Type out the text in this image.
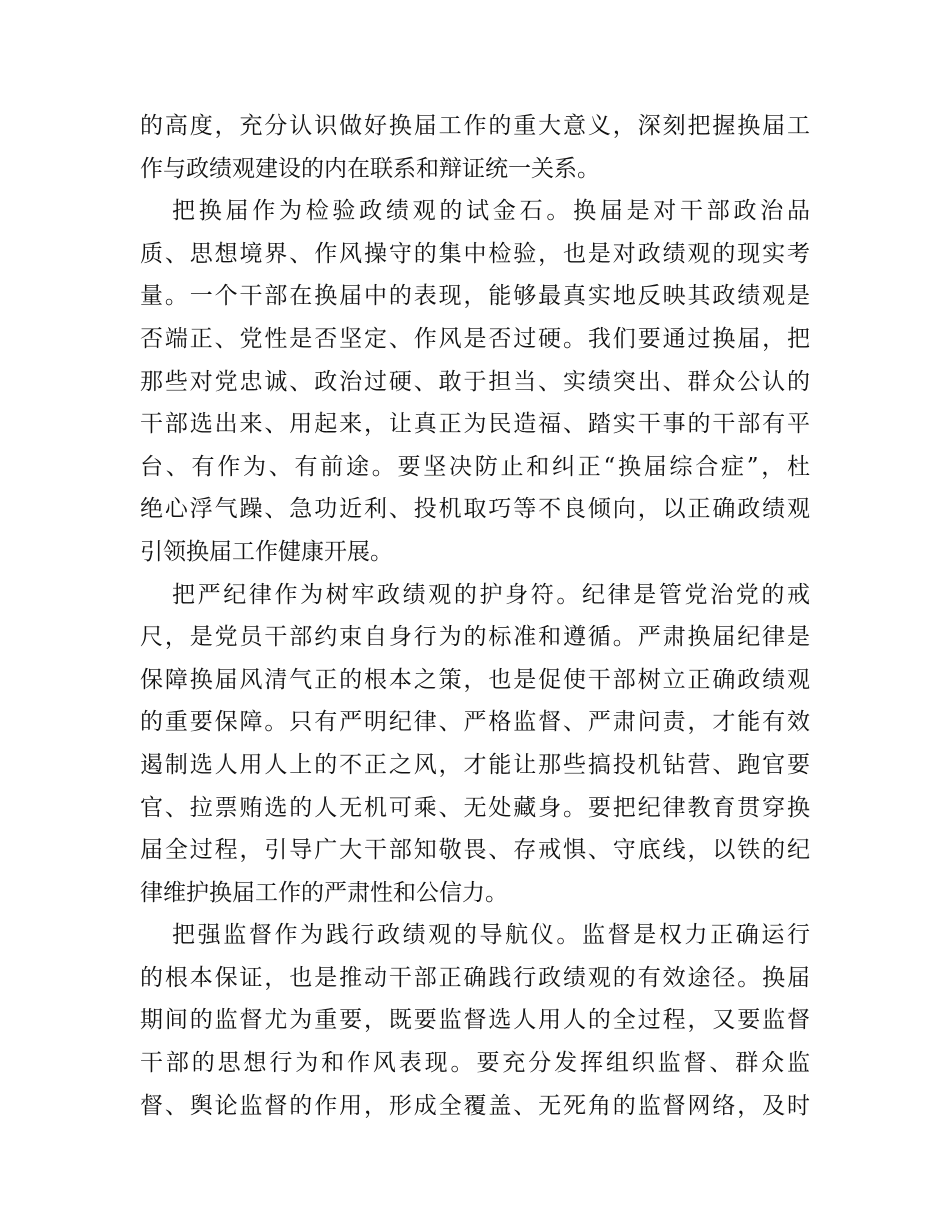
的高度，充分认识做好换届工作的重大意义，深刻把握换届工
作与政绩观建设的内在联系和辩证统一关系。
把换届作为检验政绩观的试金石。换届是对干部政治品
质、思想境界、作风操守的集中检验，也是对政绩观的现实考
量。一个干部在换届中的表现，能够最真实地反映其政绩观是
否端正、党性是否坚定、作风是否过硬。我们要通过换届，把
那些对党忠诚、政治过硬、敢于担当、实绩突出、群众公认的
干部选出来、用起来，让真正为民造福、踏实干事的干部有平
台、有作为、有前途。要坚决防止和纠正“换届综合症”，杜
绝心浮气躁、急功近利、投机取巧等不良倾向，以正确政绩观
引领换届工作健康开展。
把严纪律作为树牢政绩观的护身符。纪律是管党治党的戒
尺，是党员干部约束自身行为的标准和遵循。严肃换届纪律是
保障换届风清气正的根本之策，也是促使干部树立正确政绩观
的重要保障。只有严明纪律、严格监督、严肃问责，才能有效
遏制选人用人上的不正之风，才能让那些搞投机钻营、跑官要
官、拉票贿选的人无机可乘、无处藏身。要把纪律教育贯穿换
届全过程，引导广大干部知敬畏、存戒惧、守底线，以铁的纪
律维护换届工作的严肃性和公信力。
把强监督作为践行政绩观的导航仪。监督是权力正确运行
的根本保证，也是推动干部正确践行政绩观的有效途径。换届
期间的监督尤为重要，既要监督选人用人的全过程，又要监督
干部的思想行为和作风表现。要充分发挥组织监督、群众监
督、舆论监督的作用，形成全覆盖、无死角的监督网络，及时
